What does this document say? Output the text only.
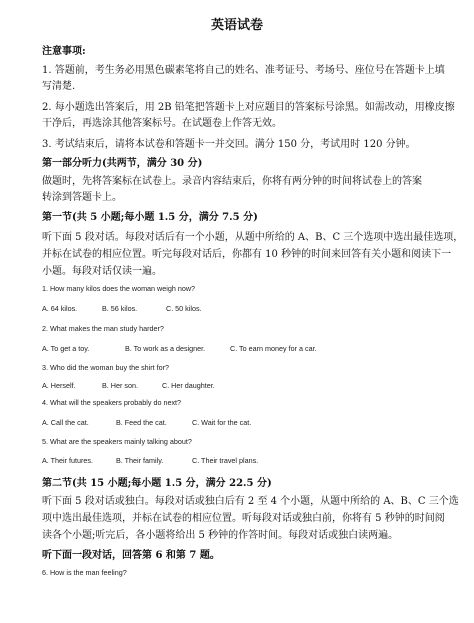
英语试卷
注意事项:
1. 答题前，考生务必用黑色碳素笔将自己的姓名、准考证号、考场号、座位号在答题卡上填
写清楚.
2. 每小题选出答案后，用 2B 铅笔把答题卡上对应题目的答案标号涂黑。如需改动，用橡皮擦
干净后，再选涂其他答案标号。在试题卷上作答无效。
3. 考试结束后，请将本试卷和答题卡一并交回。满分 150 分，考试用时 120 分钟。
第一部分听力(共两节，满分 30 分)
做题时，先将答案标在试卷上。录音内容结束后，你将有两分钟的时间将试卷上的答案
转涂到答题卡上。
第一节(共 5 小题;每小题 1.5 分，满分 7.5 分)
听下面 5 段对话。每段对话后有一个小题，从题中所给的 A、B、C 三个选项中选出最佳选项，
并标在试卷的相应位置。听完每段对话后，你都有 10 秒钟的时间来回答有关小题和阅读下一
小题。每段对话仅读一遍。
1. How many kilos does the woman weigh now?
A. 64 kilos.	B. 56 kilos.	C. 50 kilos.
2. What makes the man study harder?
A. To get a toy.	B. To work as a designer.	C. To earn money for a car.
3. Who did the woman buy the shirt for?
A. Herself.	B. Her son.	C. Her daughter.
4. What will the speakers probably do next?
A. Call the cat.	B. Feed the cat.	C. Wait for the cat.
5. What are the speakers mainly talking about?
A. Their futures.	B. Their family.	C. Their travel plans.
第二节(共 15 小题;每小题 1.5 分，满分 22.5 分)
听下面 5 段对话或独白。每段对话或独白后有 2 至 4 个小题，从题中所给的 A、B、C 三个选
项中选出最佳选项，并标在试卷的相应位置。听每段对话或独白前，你将有 5 秒钟的时间阅
读各个小题;听完后，各小题将给出 5 秒钟的作答时间。每段对话或独白读两遍。
听下面一段对话，回答第 6 和第 7 题。
6. How is the man feeling?
